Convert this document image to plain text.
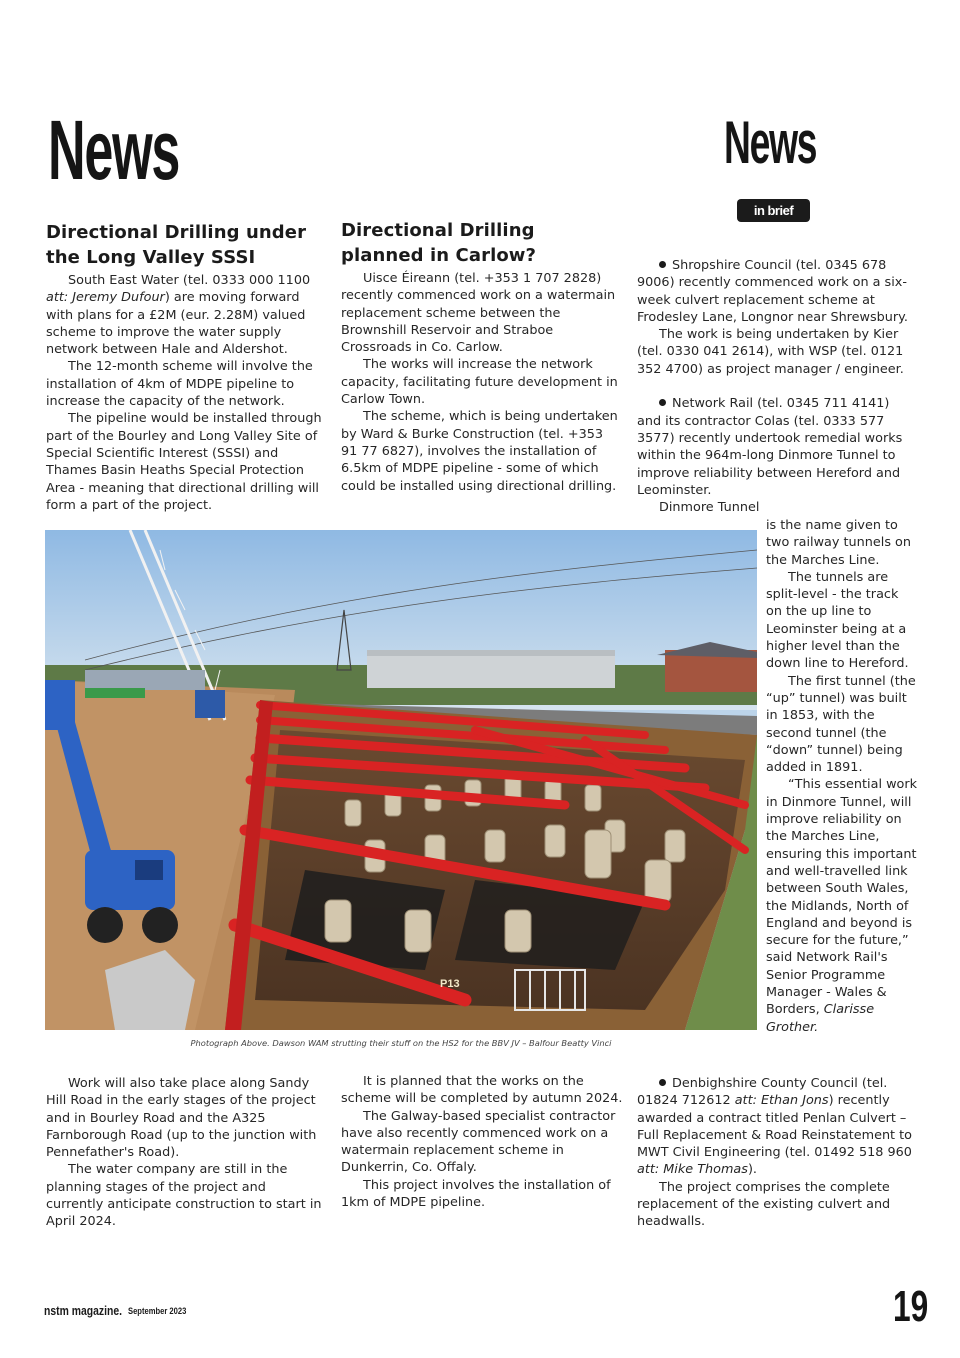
News	News
in brief
Directional Drilling under the Long Valley SSSI

South East Water (tel. 0333 000 1100 att: Jeremy Dufour) are moving forward with plans for a £2M (eur. 2.28M) valued scheme to improve the water supply network between Hale and Aldershot.

The 12-month scheme will involve the installation of 4km of MDPE pipeline to increase the capacity of the network.

The pipeline would be installed through part of the Bourley and Long Valley Site of Special Scientific Interest (SSSI) and Thames Basin Heaths Special Protection Area - meaning that directional drilling will form a part of the project.

Directional Drilling planned in Carlow?

Uisce Éireann (tel. +353 1 707 2828) recently commenced work on a watermain replacement scheme between the Brownshill Reservoir and Straboe Crossroads in Co. Carlow.

The works will increase the network capacity, facilitating future development in Carlow Town.

The scheme, which is being undertaken by Ward & Burke Construction (tel. +353 91 77 6827), involves the installation of 6.5km of MDPE pipeline - some of which could be installed using directional drilling.

Shropshire Council (tel. 0345 678 9006) recently commenced work on a six-week culvert replacement scheme at Frodesley Lane, Longnor near Shrewsbury.

The work is being undertaken by Kier (tel. 0330 041 2614), with WSP (tel. 0121 352 4700) as project manager / engineer.

Network Rail (tel. 0345 711 4141) and its contractor Colas (tel. 0333 577 3577) recently undertook remedial works within the 964m-long Dinmore Tunnel to improve reliability between Hereford and Leominster.

Dinmore Tunnel

is the name given to two railway tunnels on the Marches Line.

The tunnels are split-level - the track on the up line to Leominster being at a higher level than the down line to Hereford.

The first tunnel (the “up” tunnel) was built in 1853, with the second tunnel (the “down” tunnel) being added in 1891.

“This essential work in Dinmore Tunnel, will improve reliability on the Marches Line, ensuring this important and well-travelled link between South Wales, the Midlands, North of England and beyond is secure for the future,” said Network Rail's Senior Programme Manager - Wales & Borders, Clarisse Grother.

P13
Photograph Above. Dawson WAM strutting their stuff on the HS2 for the BBV JV – Balfour Beatty Vinci

Work will also take place along Sandy Hill Road in the early stages of the project and in Bourley Road and the A325 Farnborough Road (up to the junction with Pennefather's Road).

The water company are still in the planning stages of the project and currently anticipate construction to start in April 2024.

It is planned that the works on the scheme will be completed by autumn 2024.

The Galway-based specialist contractor have also recently commenced work on a watermain replacement scheme in Dunkerrin, Co. Offaly.

This project involves the installation of 1km of MDPE pipeline.

Denbighshire County Council (tel. 01824 712612 att: Ethan Jons) recently awarded a contract titled Penlan Culvert – Full Replacement & Road Reinstatement to MWT Civil Engineering (tel. 01492 518 960 att: Mike Thomas).

The project comprises the complete replacement of the existing culvert and headwalls.

nstm magazine. September 2023	19
